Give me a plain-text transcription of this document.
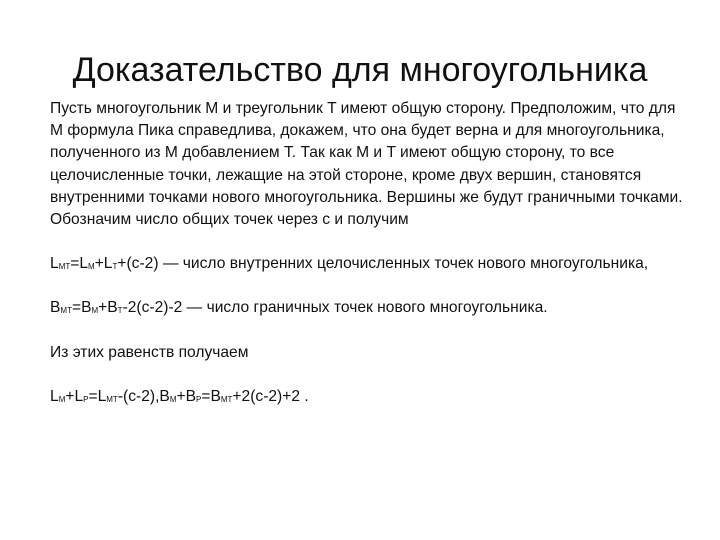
Доказательство для многоугольника

Пусть многоугольник M и треугольник T имеют общую сторону. Предположим, что для M формула Пика справедлива, докажем, что она будет верна и для многоугольника, полученного из M добавлением T. Так как M и T имеют общую сторону, то все целочисленные точки, лежащие на этой стороне, кроме двух вершин, становятся внутренними точками нового многоугольника. Вершины же будут граничными точками. Обозначим число общих точек через c и получим

$L_{MT}=L_M+L_T+(c-2)$ — число внутренних целочисленных точек нового многоугольника,

$B_{MT}=B_M+B_T-2(c-2)-2$ — число граничных точек нового многоугольника.

Из этих равенств получаем

$L_M+L_P=L_{MT}-(c-2),B_M+B_P=B_{MT}+2(c-2)+2$ .
